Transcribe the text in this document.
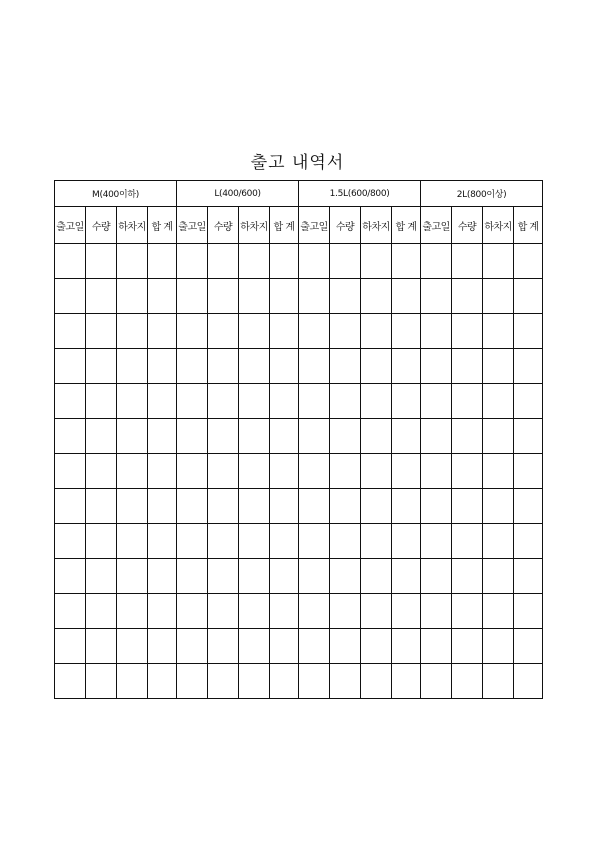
출고 내역서
M(400이하)				L(400/600)				1.5L(600/800)				2L(800이상)			
출고일	수량	하차지	합 계	출고일	수량	하차지	합 계	출고일	수량	하차지	합 계	출고일	수량	하차지	합 계
